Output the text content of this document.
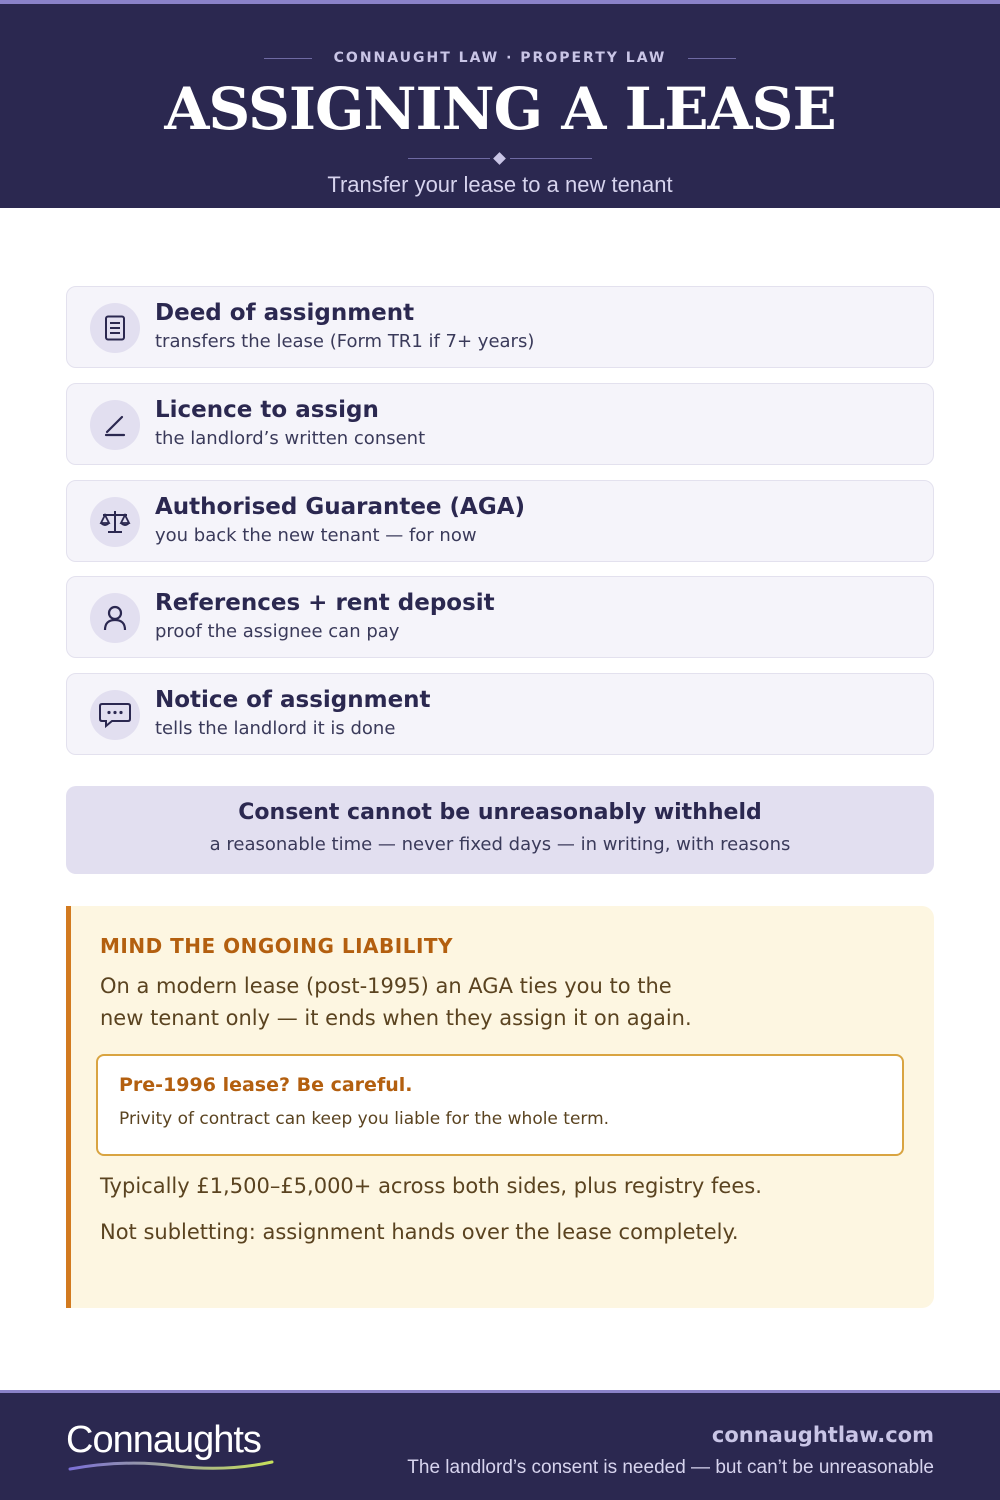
CONNAUGHT LAW · PROPERTY LAW
ASSIGNING A LEASE
Transfer your lease to a new tenant
Deed of assignment
transfers the lease (Form TR1 if 7+ years)
Licence to assign
the landlord’s written consent
Authorised Guarantee (AGA)
you back the new tenant — for now
References + rent deposit
proof the assignee can pay
Notice of assignment
tells the landlord it is done
Consent cannot be unreasonably withheld
a reasonable time — never fixed days — in writing, with reasons
MIND THE ONGOING LIABILITY
On a modern lease (post-1995) an AGA ties you to the new tenant only — it ends when they assign it on again.
Pre-1996 lease? Be careful.
Privity of contract can keep you liable for the whole term.
Typically £1,500–£5,000+ across both sides, plus registry fees.
Not subletting: assignment hands over the lease completely.
Connaughts	connaughtlaw.com
The landlord’s consent is needed — but can’t be unreasonable
